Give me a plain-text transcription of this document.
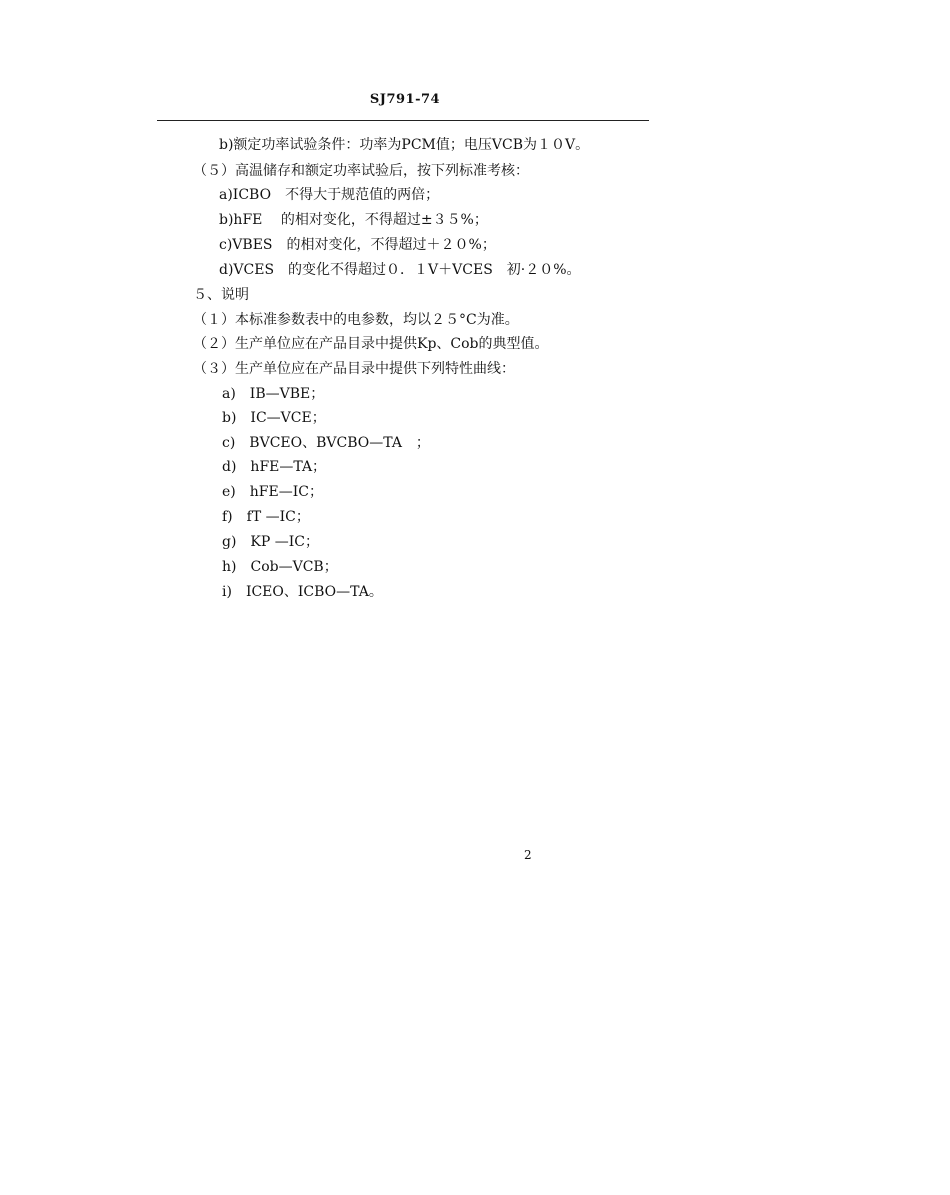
SJ791-74
b)额定功率试验条件：功率为PCM值；电压VCB为１０V。
（５）高温储存和额定功率试验后，按下列标准考核：
a)ICBO　不得大于规范值的两倍；
b)hFE　 的相对变化，不得超过±３５%；
c)VBES　的相对变化，不得超过＋２０%；
d)VCES　的变化不得超过０．１V＋VCES　初·２０%。
５、说明
（１）本标准参数表中的电参数，均以２５°C为准。
（２）生产单位应在产品目录中提供Kp、Cob的典型值。
（３）生产单位应在产品目录中提供下列特性曲线：
a)　IB—VBE；
b)　IC—VCE；
c)　BVCEO、BVCBO—TA　；
d)　hFE—TA；
e)　hFE—IC；
f)　fT —IC；
g)　KP —IC；
h)　Cob—VCB；
i)　ICEO、ICBO—TA。
2
